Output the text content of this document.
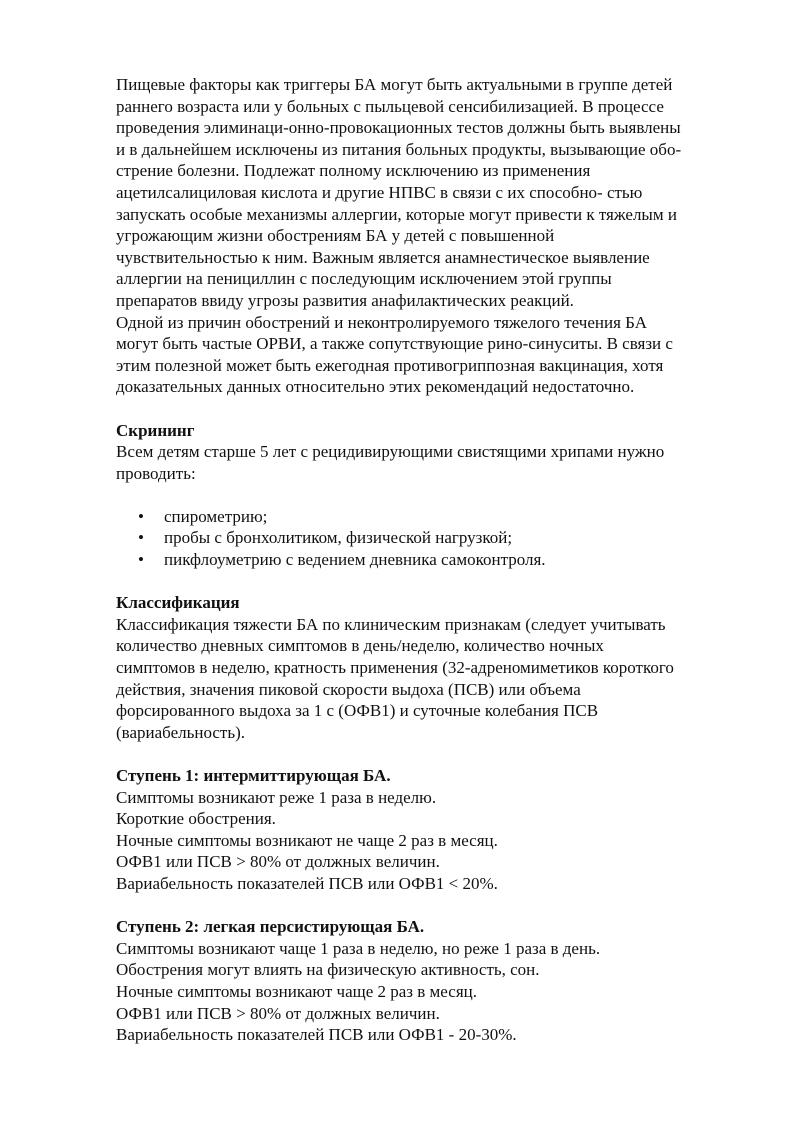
Пищевые факторы как триггеры БА могут быть актуальными в группе детей
раннего возраста или у больных с пыльцевой сенсибилизацией. В процессе
проведения элиминаци-онно-провокационных тестов должны быть выявлены
и в дальнейшем исключены из питания больных продукты, вызывающие обо-
стрение болезни. Подлежат полному исключению из применения
ацетилсалициловая кислота и другие НПВС в связи с их способно- стью
запускать особые механизмы аллергии, которые могут привести к тяжелым и
угрожающим жизни обострениям БА у детей с повышенной
чувствительностью к ним. Важным является анамнестическое выявление
аллергии на пенициллин с последующим исключением этой группы
препаратов ввиду угрозы развития анафилактических реакций.
Одной из причин обострений и неконтролируемого тяжелого течения БА
могут быть частые ОРВИ, а также сопутствующие рино-синуситы. В связи с
этим полезной может быть ежегодная противогриппозная вакцинация, хотя
доказательных данных относительно этих рекомендаций недостаточно.
Скрининг
Всем детям старше 5 лет с рецидивирующими свистящими хрипами нужно
проводить:
• спирометрию;
• пробы с бронхолитиком, физической нагрузкой;
• пикфлоуметрию с ведением дневника самоконтроля.
Классификация
Классификация тяжести БА по клиническим признакам (следует учитывать
количество дневных симптомов в день/неделю, количество ночных
симптомов в неделю, кратность применения (32-адреномиметиков короткого
действия, значения пиковой скорости выдоха (ПСВ) или объема
форсированного выдоха за 1 с (ОФВ1) и суточные колебания ПСВ
(вариабельность).
Ступень 1: интермиттирующая БА.
Симптомы возникают реже 1 раза в неделю.
Короткие обострения.
Ночные симптомы возникают не чаще 2 раз в месяц.
ОФВ1 или ПСВ > 80% от должных величин.
Вариабельность показателей ПСВ или ОФВ1 < 20%.
Ступень 2: легкая персистирующая БА.
Симптомы возникают чаще 1 раза в неделю, но реже 1 раза в день.
Обострения могут влиять на физическую активность, сон.
Ночные симптомы возникают чаще 2 раз в месяц.
ОФВ1 или ПСВ > 80% от должных величин.
Вариабельность показателей ПСВ или ОФВ1 - 20-30%.
